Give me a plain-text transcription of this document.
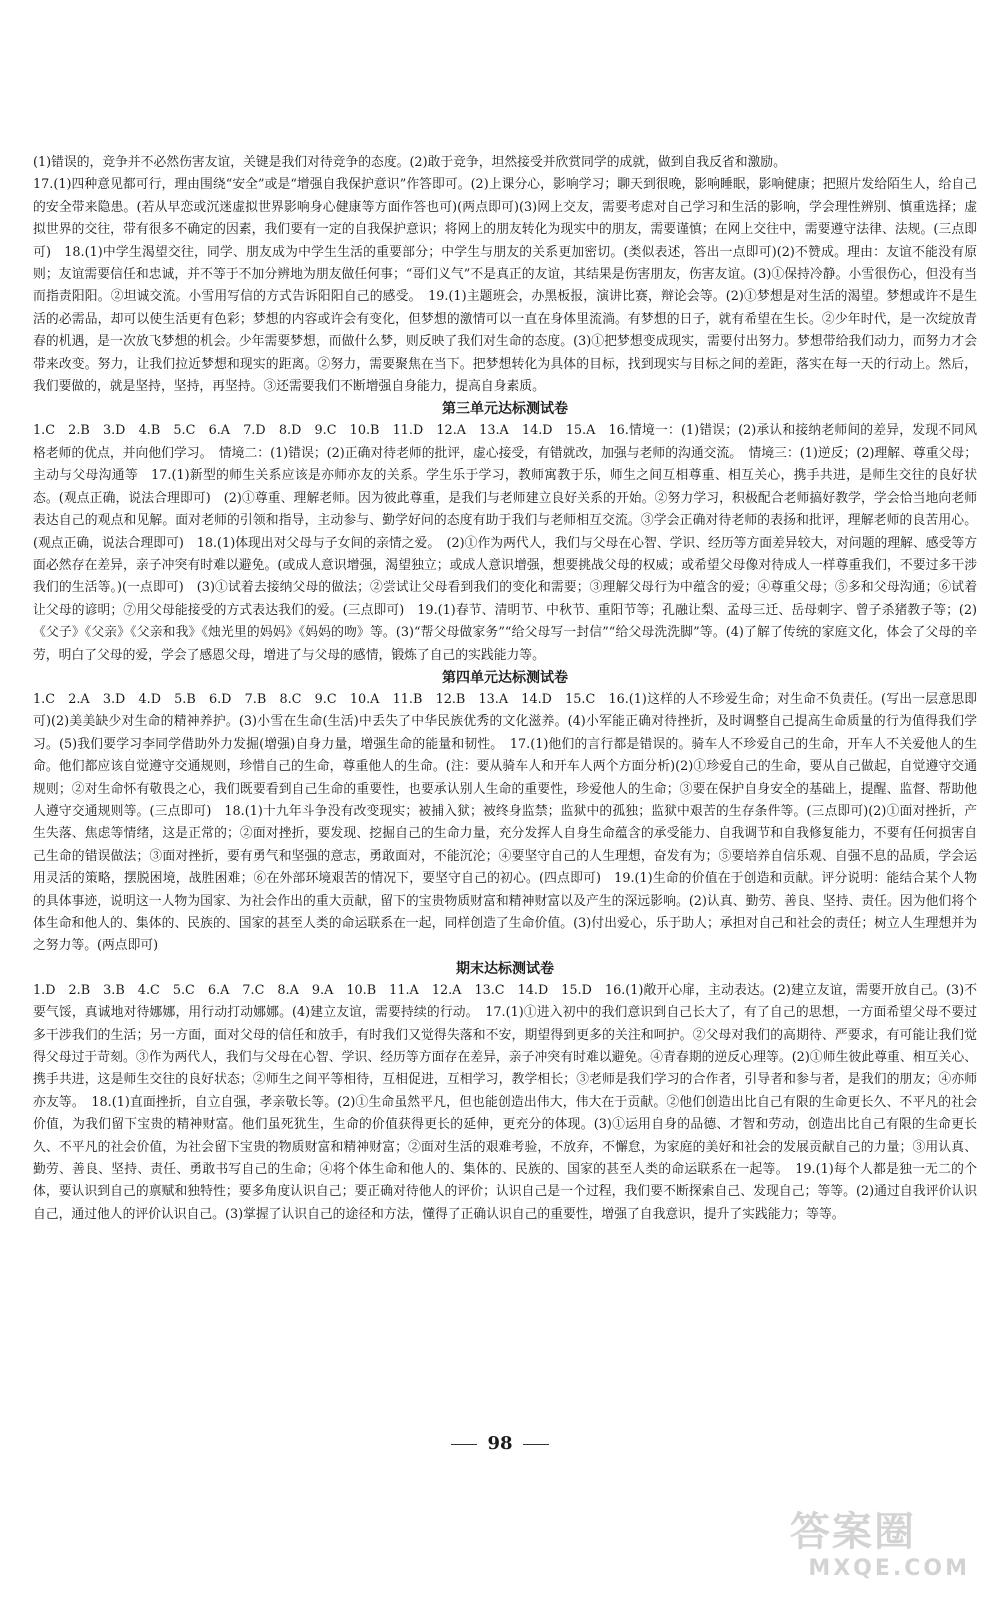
(1)错误的，竞争并不必然伤害友谊，关键是我们对待竞争的态度。(2)敢于竞争，坦然接受并欣赏同学的成就，做到自我反省和激励。

17.(1)四种意见都可行，理由围绕“安全”或是“增强自我保护意识”作答即可。(2)上课分心，影响学习；聊天到很晚，影响睡眠，影响健康；把照片发给陌生人，给自己的安全带来隐患。(若从早恋或沉迷虚拟世界影响身心健康等方面作答也可)(两点即可)(3)网上交友，需要考虑对自己学习和生活的影响，学会理性辨别、慎重选择；虚拟世界的交往，带有很多不确定的因素，我们要有一定的自我保护意识；将网上的朋友转化为现实中的朋友，需要谨慎；在网上交往中，需要遵守法律、法规。(三点即可)　18.(1)中学生渴望交往，同学、朋友成为中学生生活的重要部分；中学生与朋友的关系更加密切。(类似表述，答出一点即可)(2)不赞成。理由：友谊不能没有原则；友谊需要信任和忠诚，并不等于不加分辨地为朋友做任何事；“哥们义气”不是真正的友谊，其结果是伤害朋友，伤害友谊。(3)①保持冷静。小雪很伤心，但没有当而指责阳阳。②坦诚交流。小雪用写信的方式告诉阳阳自己的感受。　19.(1)主题班会，办黑板报，演讲比赛，辩论会等。(2)①梦想是对生活的渴望。梦想或许不是生活的必需品，却可以使生活更有色彩；梦想的内容或许会有变化，但梦想的激情可以一直在身体里流淌。有梦想的日子，就有希望在生长。②少年时代，是一次绽放青春的机遇，是一次放飞梦想的机会。少年需要梦想，而做什么梦，则反映了我们对生命的态度。(3)①把梦想变成现实，需要付出努力。梦想带给我们动力，而努力才会带来改变。努力，让我们拉近梦想和现实的距离。②努力，需要聚焦在当下。把梦想转化为具体的目标，找到现实与目标之间的差距，落实在每一天的行动上。然后，我们要做的，就是坚持，坚持，再坚持。③还需要我们不断增强自身能力，提高自身素质。

第三单元达标测试卷

1.C　2.B　3.D　4.B　5.C　6.A　7.D　8.D　9.C　10.B　11.D　12.A　13.A　14.D　15.A　16.情境一：(1)错误；(2)承认和接纳老师间的差异，发现不同风格老师的优点，并向他们学习。　情境二：(1)错误；(2)正确对待老师的批评，虚心接受，有错就改，加强与老师的沟通交流。　情境三：(1)逆反；(2)理解、尊重父母；主动与父母沟通等　17.(1)新型的师生关系应该是亦师亦友的关系。学生乐于学习，教师寓教于乐，师生之间互相尊重、相互关心，携手共进，是师生交往的良好状态。(观点正确，说法合理即可)　(2)①尊重、理解老师。因为彼此尊重，是我们与老师建立良好关系的开始。②努力学习，积极配合老师搞好教学，学会恰当地向老师表达自己的观点和见解。面对老师的引领和指导，主动参与、勤学好问的态度有助于我们与老师相互交流。③学会正确对待老师的表扬和批评，理解老师的良苦用心。(观点正确，说法合理即可)　18.(1)体现出对父母与子女间的亲情之爱。　(2)①作为两代人，我们与父母在心智、学识、经历等方面差异较大，对问题的理解、感受等方面必然存在差异，亲子冲突有时难以避免。(或成人意识增强，渴望独立；或成人意识增强，想要挑战父母的权威；或希望父母像对待成人一样尊重我们，不要过多干涉我们的生活等。)(一点即可)　(3)①试着去接纳父母的做法；②尝试让父母看到我们的变化和需要；③理解父母行为中蕴含的爱；④尊重父母；⑤多和父母沟通；⑥试着让父母的谚明；⑦用父母能接受的方式表达我们的爱。(三点即可)　19.(1)春节、清明节、中秋节、重阳节等；孔融让梨、孟母三迁、岳母刺字、曾子杀猪教子等；(2)《父子》《父亲》《父亲和我》《烛光里的妈妈》《妈妈的吻》等。(3)“帮父母做家务”“给父母写一封信”“给父母洗洗脚”等。(4)了解了传统的家庭文化，体会了父母的辛劳，明白了父母的爱，学会了感恩父母，增进了与父母的感情，锻炼了自己的实践能力等。

第四单元达标测试卷

1.C　2.A　3.D　4.D　5.B　6.D　7.B　8.C　9.C　10.A　11.B　12.B　13.A　14.D　15.C　16.(1)这样的人不珍爱生命；对生命不负责任。(写出一层意思即可)(2)美美缺少对生命的精神养护。(3)小雪在生命(生活)中丢失了中华民族优秀的文化滋养。(4)小军能正确对待挫折，及时调整自己提高生命质量的行为值得我们学习。(5)我们要学习李同学借助外力发掘(增强)自身力量，增强生命的能量和韧性。　17.(1)他们的言行都是错误的。骑车人不珍爱自己的生命，开车人不关爱他人的生命。他们都应该自觉遵守交通规则，珍惜自己的生命，尊重他人的生命。(注：要从骑车人和开车人两个方面分析)(2)①珍爱自己的生命，要从自己做起，自觉遵守交通规则；②对生命怀有敬畏之心，我们既要看到自己生命的重要性，也要承认别人生命的重要性，珍爱他人的生命；③要在保护自身安全的基础上，提醒、监督、帮助他人遵守交通规则等。(三点即可)　18.(1)十九年斗争没有改变现实；被捕入狱；被终身监禁；监狱中的孤独；监狱中艰苦的生存条件等。(三点即可)(2)①面对挫折，产生失落、焦虑等情绪，这是正常的；②面对挫折，要发现、挖掘自己的生命力量，充分发挥人自身生命蕴含的承受能力、自我调节和自我修复能力，不要有任何损害自己生命的错误做法；③面对挫折，要有勇气和坚强的意志，勇敢面对，不能沉沦；④要坚守自己的人生理想，奋发有为；⑤要培养自信乐观、自强不息的品质，学会运用灵活的策略，摆脱困境，战胜困难；⑥在外部环境艰苦的情况下，要坚守自己的初心。(四点即可)　19.(1)生命的价值在于创造和贡献。评分说明：能结合某个人物的具体事迹，说明这一人物为国家、为社会作出的重大贡献，留下的宝贵物质财富和精神财富以及产生的深远影响。(2)认真、勤劳、善良、坚持、责任。因为他们将个体生命和他人的、集体的、民族的、国家的甚至人类的命运联系在一起，同样创造了生命价值。(3)付出爱心，乐于助人；承担对自己和社会的责任；树立人生理想并为之努力等。(两点即可)

期末达标测试卷

1.D　2.B　3.B　4.C　5.C　6.A　7.C　8.A　9.A　10.B　11.A　12.A　13.C　14.D　15.D　16.(1)敞开心扉，主动表达。(2)建立友谊，需要开放自己。(3)不要气馁，真诚地对待娜娜，用行动打动娜娜。(4)建立友谊，需要持续的行动。　17.(1)①进入初中的我们意识到自己长大了，有了自己的思想，一方面希望父母不要过多干涉我们的生活；另一方面，面对父母的信任和放手，有时我们又觉得失落和不安，期望得到更多的关注和呵护。②父母对我们的高期待、严要求，有可能让我们觉得父母过于苛刻。③作为两代人，我们与父母在心智、学识、经历等方面存在差异，亲子冲突有时难以避免。④青春期的逆反心理等。(2)①师生彼此尊重、相互关心、携手共进，这是师生交往的良好状态；②师生之间平等相待，互相促进，互相学习，教学相长；③老师是我们学习的合作者，引导者和参与者，是我们的朋友；④亦师亦友等。　18.(1)直面挫折，自立自强，孝亲敬长等。(2)①生命虽然平凡，但也能创造出伟大，伟大在于贡献。②他们创造出比自己有限的生命更长久、不平凡的社会价值，为我们留下宝贵的精神财富。他们虽死犹生，生命的价值获得更长的延伸，更充分的体现。(3)①运用自身的品德、才智和劳动，创造出比自己有限的生命更长久、不平凡的社会价值，为社会留下宝贵的物质财富和精神财富；②面对生活的艰难考验，不放弃，不懈怠，为家庭的美好和社会的发展贡献自己的力量；③用认真、勤劳、善良、坚持、责任、勇敢书写自己的生命；④将个体生命和他人的、集体的、民族的、国家的甚至人类的命运联系在一起等。　19.(1)每个人都是独一无二的个体，要认识到自己的禀赋和独特性；要多角度认识自己；要正确对待他人的评价；认识自己是一个过程，我们要不断探索自己、发现自己；等等。(2)通过自我评价认识自己，通过他人的评价认识自己。(3)掌握了认识自己的途径和方法，懂得了正确认识自己的重要性，增强了自我意识，提升了实践能力；等等。

98
答案圈
MXQE.COM
